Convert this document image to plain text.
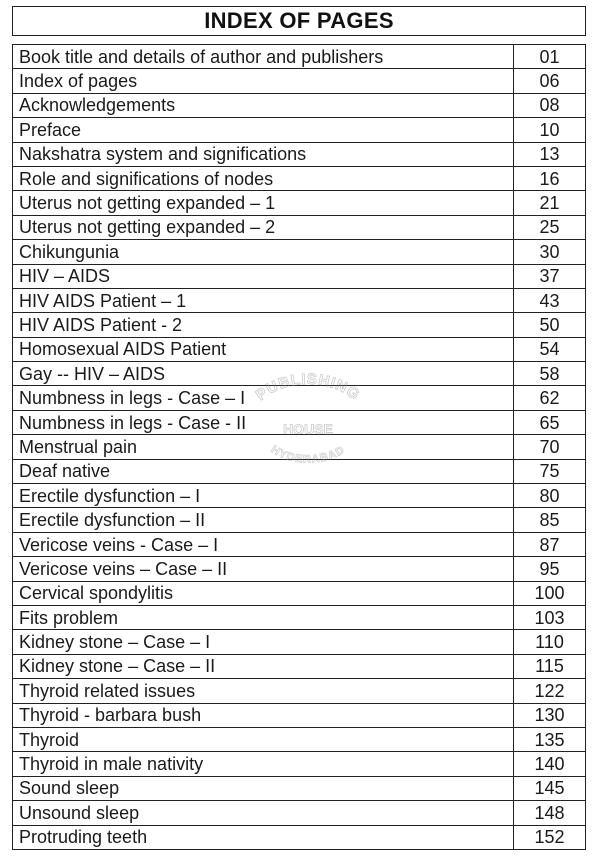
INDEX OF PAGES
Book title and details of author and publishers	01
Index of pages	06
Acknowledgements	08
Preface	10
Nakshatra system and significations	13
Role and significations of nodes	16
Uterus not getting expanded – 1	21
Uterus not getting expanded – 2	25
Chikungunia	30
HIV – AIDS	37
HIV AIDS Patient – 1	43
HIV AIDS Patient - 2	50
Homosexual AIDS Patient	54
Gay -- HIV – AIDS	58
Numbness in legs - Case – I	62
Numbness in legs - Case - II	65
Menstrual pain	70
Deaf native	75
Erectile dysfunction – I	80
Erectile dysfunction – II	85
Vericose veins - Case – I	87
Vericose veins – Case – II	95
Cervical spondylitis	100
Fits problem	103
Kidney stone – Case – I	110
Kidney stone – Case – II	115
Thyroid related issues	122
Thyroid - barbara bush	130
Thyroid	135
Thyroid in male nativity	140
Sound sleep	145
Unsound sleep	148
Protruding teeth	152
PUBLISHING
HOUSE
HYDERABAD
